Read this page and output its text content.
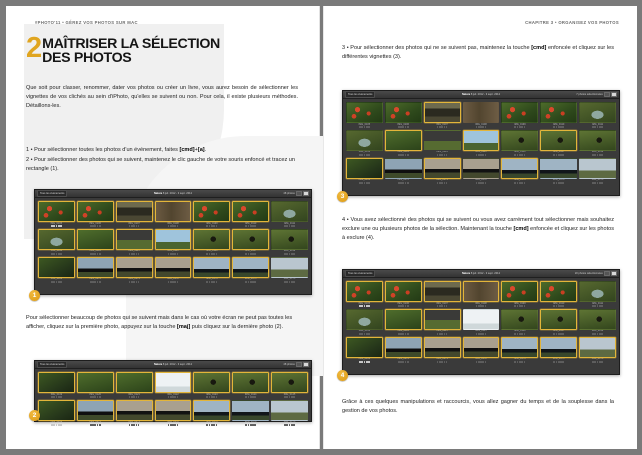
#PHOTO'11 • GÉREZ VOS PHOTOS SUR MAC
2 MAÎTRISER LA SÉLECTION
DES PHOTOS
Que soit pour classer, renommer, dater vos photos ou créer un livre, vous aurez besoin de sélectionner les vignettes de vos clichés au sein d'iPhoto, qu'elles se suivent ou non. Pour cela, il existe plusieurs méthodes. Détaillons-les.
1 • Pour sélectionner toutes les photos d'un événement, faites [cmd]+[a].
2 • Pour sélectionner des photos qui se suivent, maintenez le clic gauche de votre souris enfoncé et tracez un rectangle (1).
Tous les événements	Nature 8 juil. 2012 - 3 sept. 2012	48 photos
IMG_0105	IMG_0106	IMG_0107	IMG_0108	IMG_0109	IMG_0110	IMG_0111
IMG_0112	IMG_0113	IMG_0114	IMG_0115	IMG_0116	IMG_0117	IMG_0118
IMG_0119	IMG_0170	IMG_0171	IMG_0172	IMG_0173	IMG_0174	IMG_0175
1
Pour sélectionner beaucoup de photos qui se suivent mais dans le cas où votre écran ne peut pas toutes les afficher, cliquez sur la première photo, appuyez sur la touche [maj] puis cliquez sur la dernière photo (2).
Tous les événements	Nature 8 juil. 2012 - 3 sept. 2012	48 photos
IMG_0119	IMG_0120	IMG_0121	IMG_0122	IMG_0123	IMG_0124	IMG_0125
IMG_0169	IMG_0170	IMG_0171	IMG_0172	IMG_0173	IMG_0174	IMG_0175
2
CHAPITRE 3 • ORGANISEZ VOS PHOTOS
3 • Pour sélectionner des photos qui ne se suivent pas, maintenez la touche [cmd] enfoncée et cliquez sur les différentes vignettes (3).
Tous les événements	Nature 8 juil. 2012 - 3 sept. 2012	7 photos sélectionnées
IMG_0105	IMG_0106	IMG_0107	IMG_0108	IMG_0109	IMG_0110	IMG_0111
IMG_0112	IMG_0113	IMG_0114	IMG_0115	IMG_0116	IMG_0117	IMG_0118
IMG_0169	IMG_0170	IMG_0171	IMG_0172	IMG_0173	IMG_0174	IMG_0175
3
4 • Vous avez sélectionné des photos qui se suivent ou vous avez carrément tout sélectionner mais souhaitez exclure une ou plusieurs photos de la sélection. Maintenant la touche [cmd] enfoncée et cliquez sur les photos à exclure (4).
Tous les événements	Nature 8 juil. 2012 - 3 sept. 2012	20 photos sélectionnées
IMG_0105	IMG_0106	IMG_0107	IMG_0108	IMG_0109	IMG_0110	IMG_0111
IMG_0112	IMG_0113	IMG_0114	IMG_0115	IMG_0116	IMG_0117	IMG_0118
IMG_0169	IMG_0170	IMG_0171	IMG_0172	IMG_0173	IMG_0174	IMG_0175
4
Grâce à ces quelques manipulations et raccourcis, vous allez gagner du temps et de la souplesse dans la gestion de vos photos.
